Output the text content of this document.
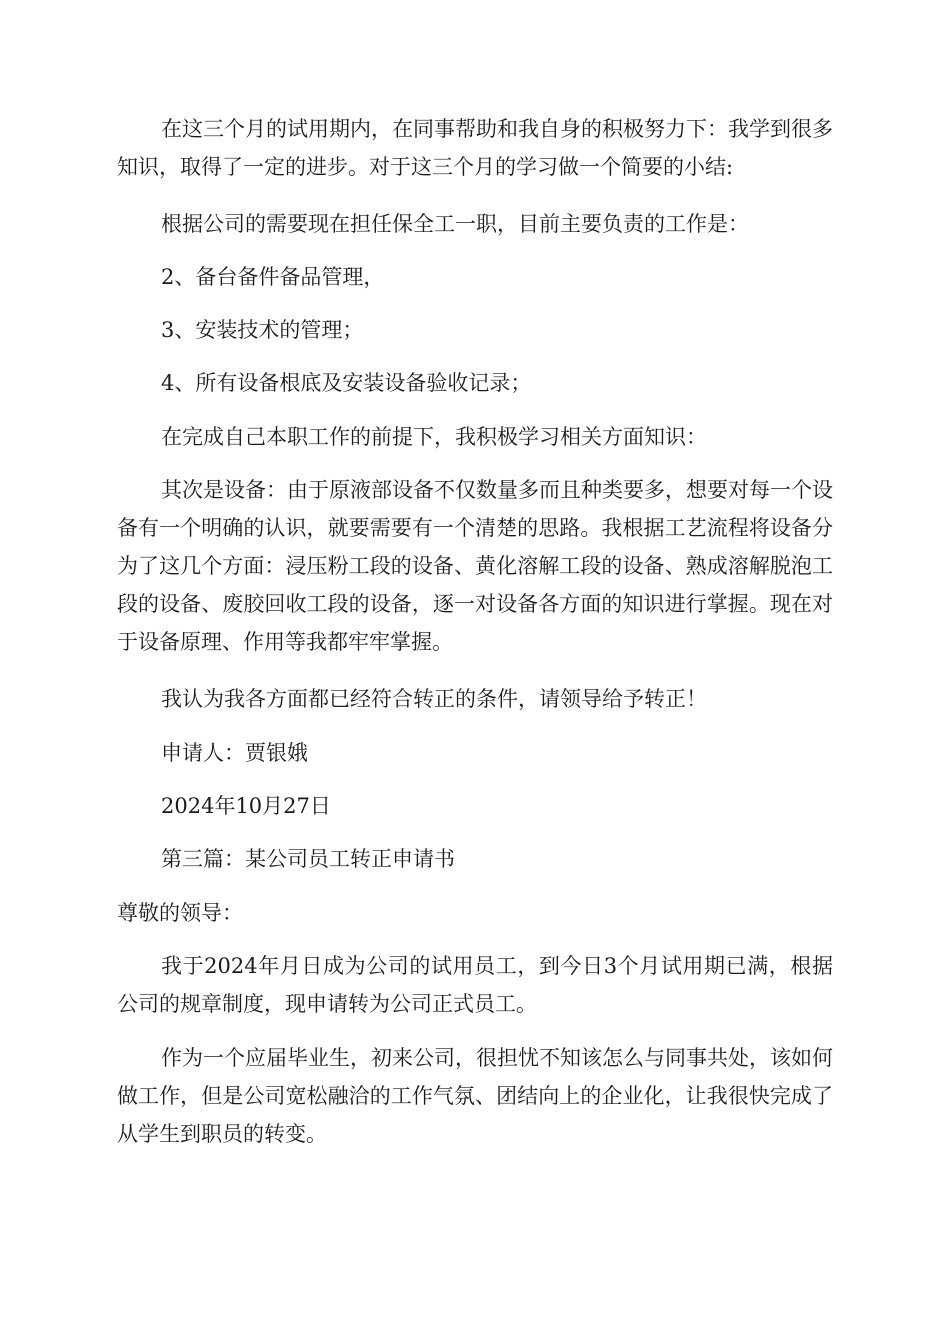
在这三个月的试用期内，在同事帮助和我自身的积极努力下：我学到很多知识，取得了一定的进步。对于这三个月的学习做一个简要的小结:

根据公司的需要现在担任保全工一职，目前主要负责的工作是：

2、备台备件备品管理，

3、安装技术的管理；

4、所有设备根底及安装设备验收记录；

在完成自己本职工作的前提下，我积极学习相关方面知识：

其次是设备：由于原液部设备不仅数量多而且种类要多，想要对每一个设备有一个明确的认识，就要需要有一个清楚的思路。我根据工艺流程将设备分为了这几个方面：浸压粉工段的设备、黄化溶解工段的设备、熟成溶解脱泡工段的设备、废胶回收工段的设备，逐一对设备各方面的知识进行掌握。现在对于设备原理、作用等我都牢牢掌握。

我认为我各方面都已经符合转正的条件，请领导给予转正！

申请人：贾银娥

2024年10月27日

第三篇：某公司员工转正申请书

尊敬的领导：

我于2024年月日成为公司的试用员工，到今日3个月试用期已满，根据公司的规章制度，现申请转为公司正式员工。

作为一个应届毕业生，初来公司，很担忧不知该怎么与同事共处，该如何做工作，但是公司宽松融洽的工作气氛、团结向上的企业化，让我很快完成了从学生到职员的转变。
